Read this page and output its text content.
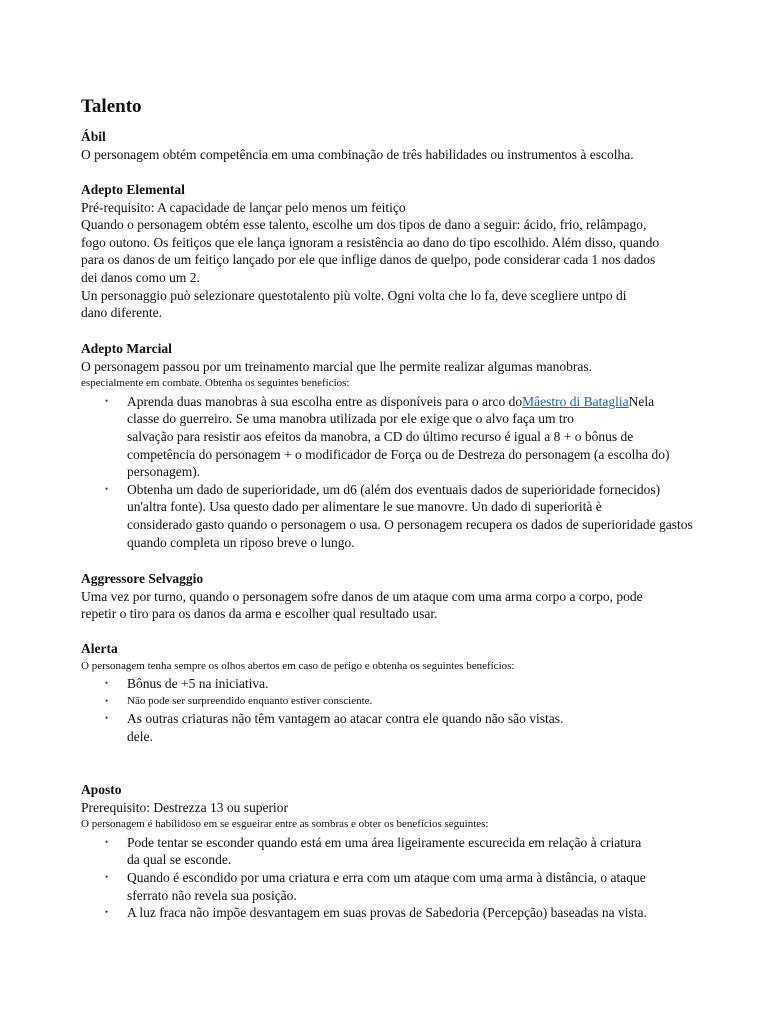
Talento
Ábil
O personagem obtém competência em uma combinação de três habilidades ou instrumentos à escolha.
Adepto Elemental
Pré-requisito: A capacidade de lançar pelo menos um feitiço
Quando o personagem obtém esse talento, escolhe um dos tipos de dano a seguir: ácido, frio, relâmpago,
fogo outono. Os feitiços que ele lança ignoram a resistência ao dano do tipo escolhido. Além disso, quando
para os danos de um feitiço lançado por ele que inflige danos de quelpo, pode considerar cada 1 nos dados
dei danos como um 2.
Un personaggio può selezionare questotalento più volte. Ogni volta che lo fa, deve scegliere untpo di
dano diferente.
Adepto Marcial
O personagem passou por um treinamento marcial que lhe permite realizar algumas manobras.
especialmente em combate. Obtenha os seguintes benefícios:
• Aprenda duas manobras à sua escolha entre as disponíveis para o arco doMâestro di BatagliaNela
classe do guerreiro. Se uma manobra utilizada por ele exige que o alvo faça um tro
salvação para resistir aos efeitos da manobra, a CD do último recurso é igual a 8 + o bônus de
competência do personagem + o modificador de Força ou de Destreza do personagem (a escolha do)
personagem).
• Obtenha um dado de superioridade, um d6 (além dos eventuais dados de superioridade fornecidos)
un'altra fonte). Usa questo dado per alimentare le sue manovre. Un dado di superiorità è
considerado gasto quando o personagem o usa. O personagem recupera os dados de superioridade gastos
quando completa un riposo breve o lungo.
Aggressore Selvaggio
Uma vez por turno, quando o personagem sofre danos de um ataque com uma arma corpo a corpo, pode
repetir o tiro para os danos da arma e escolher qual resultado usar.
Alerta
O personagem tenha sempre os olhos abertos em caso de perigo e obtenha os seguintes benefícios:
• Bônus de +5 na iniciativa.
• Não pode ser surpreendido enquanto estiver consciente.
• As outras criaturas não têm vantagem ao atacar contra ele quando não são vistas.
dele.
Aposto
Prerequisito: Destrezza 13 ou superior
O personagem é habilidoso em se esgueirar entre as sombras e obter os benefícios seguintes:
• Pode tentar se esconder quando está em uma área ligeiramente escurecida em relação à criatura
da qual se esconde.
• Quando é escondido por uma criatura e erra com um ataque com uma arma à distância, o ataque
sferrato não revela sua posição.
• A luz fraca não impõe desvantagem em suas provas de Sabedoria (Percepção) baseadas na vista.
